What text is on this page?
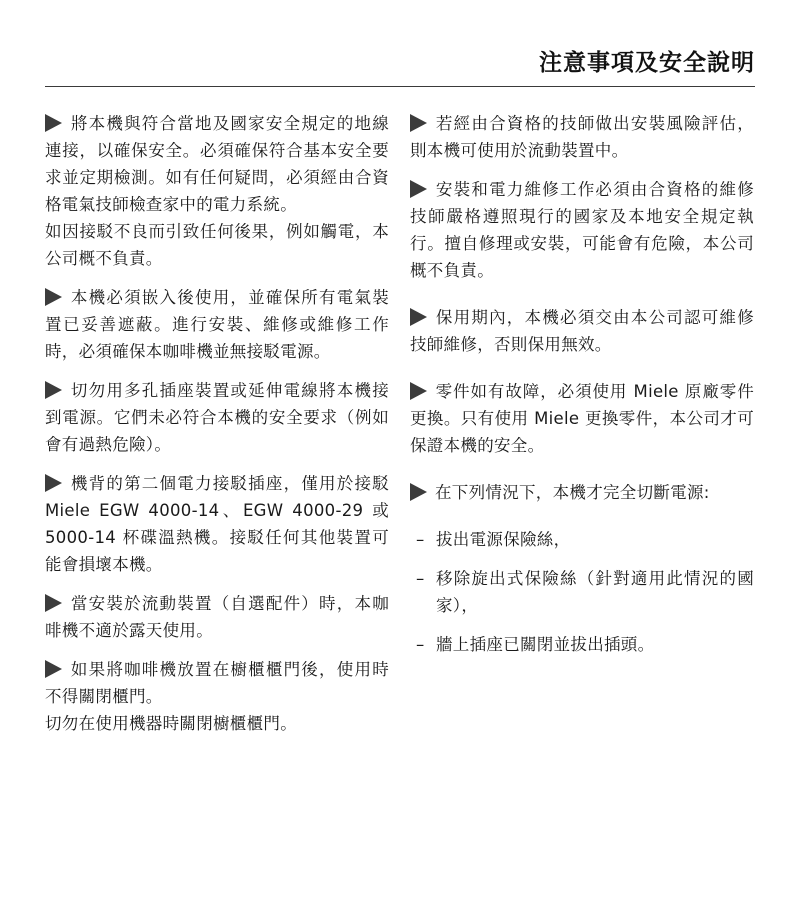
注意事項及安全說明

將本機與符合當地及國家安全規定的地線連接，以確保安全。必須確保符合基本安全要求並定期檢測。如有任何疑問，必須經由合資格電氣技師檢查家中的電力系統。

如因接駁不良而引致任何後果，例如觸電，本公司概不負責。

本機必須嵌入後使用，並確保所有電氣裝置已妥善遮蔽。進行安裝、維修或維修工作時，必須確保本咖啡機並無接駁電源。

切勿用多孔插座裝置或延伸電線將本機接到電源。它們未必符合本機的安全要求（例如會有過熱危險）。

機背的第二個電力接駁插座，僅用於接駁 Miele EGW 4000-14、EGW 4000-29 或 5000-14 杯碟溫熱機。接駁任何其他裝置可能會損壞本機。

當安裝於流動裝置（自選配件）時，本咖啡機不適於露天使用。

如果將咖啡機放置在櫥櫃櫃門後，使用時不得關閉櫃門。

切勿在使用機器時關閉櫥櫃櫃門。

若經由合資格的技師做出安裝風險評估，則本機可使用於流動裝置中。

安裝和電力維修工作必須由合資格的維修技師嚴格遵照現行的國家及本地安全規定執行。擅自修理或安裝，可能會有危險，本公司概不負責。

保用期內，本機必須交由本公司認可維修技師維修，否則保用無效。

零件如有故障，必須使用 Miele 原廠零件更換。只有使用 Miele 更換零件，本公司才可保證本機的安全。

在下列情況下，本機才完全切斷電源:

– 拔出電源保險絲，
– 移除旋出式保險絲（針對適用此情況的國家），
– 牆上插座已關閉並拔出插頭。
